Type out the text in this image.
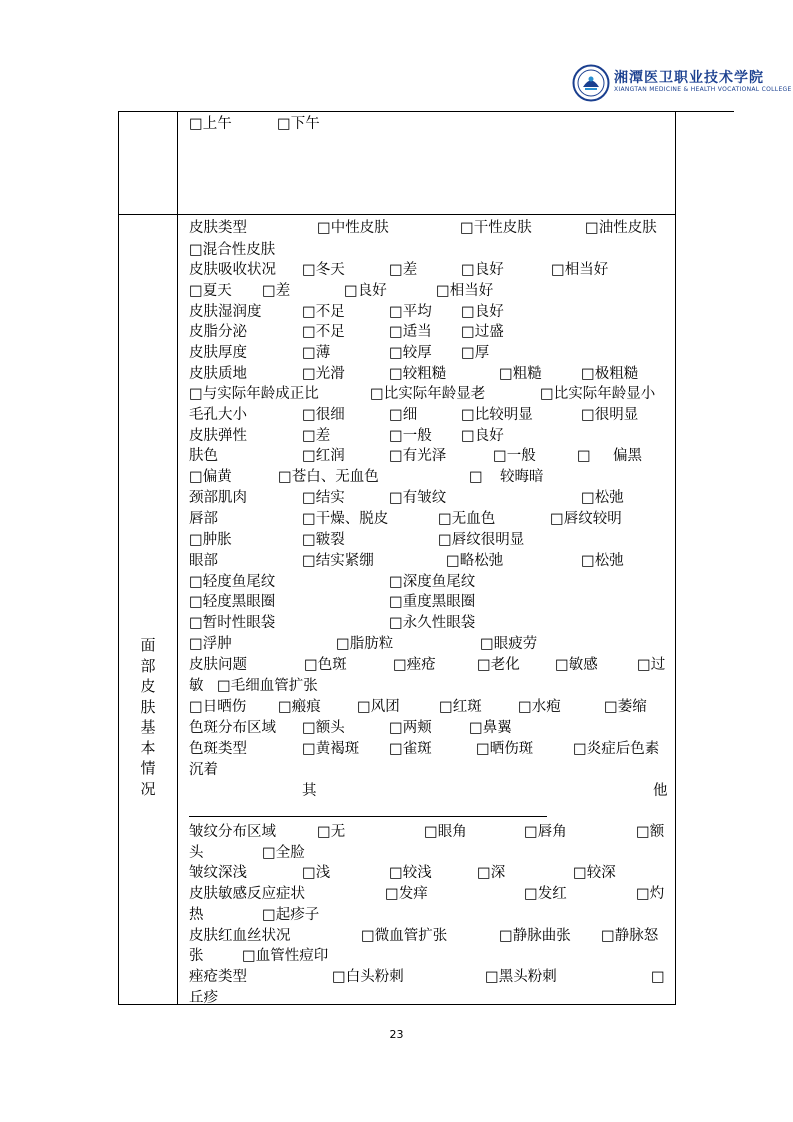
湘潭医卫职业技术学院
XIANGTAN MEDICINE & HEALTH VOCATIONAL COLLEGE
面
部
皮
肤
基
本
情
况
□上午	□下午
皮肤类型	□中性皮肤	□干性皮肤	□油性皮肤
□混合性皮肤
皮肤吸收状况 □冬天	□差	□良好	□相当好
□夏天 □差	□良好	□相当好
皮肤湿润度	□不足	□平均 □良好
皮脂分泌	□不足	□适当 □过盛
皮肤厚度	□薄	□较厚 □厚
皮肤质地	□光滑	□较粗糙	□粗糙	□极粗糙
□与实际年龄成正比	□比实际年龄显老	□比实际年龄显小
毛孔大小	□很细	□细	□比较明显	□很明显
皮肤弹性	□差	□一般 □良好
肤色	□红润	□有光泽	□一般	□ 偏黑
□偏黄	□苍白、无血色	□ 较晦暗
颈部肌肉	□结实	□有皱纹	□松弛
唇部	□干燥、脱皮	□无血色	□唇纹较明
□肿胀	□皲裂	□唇纹很明显
眼部	□结实紧绷	□略松弛	□松弛
□轻度鱼尾纹	□深度鱼尾纹
□轻度黑眼圈	□重度黑眼圈
□暂时性眼袋	□永久性眼袋
□浮肿	□脂肪粒	□眼疲劳
皮肤问题	□色斑	□痤疮	□老化 □敏感	□过
敏 □毛细血管扩张
□日晒伤 □瘢痕	□风团	□红斑	□水疱	□萎缩
色斑分布区域 □额头	□两颊	□鼻翼
色斑类型	□黄褐斑 □雀斑	□晒伤斑	□炎症后色素
沉着
其	他
皱纹分布区域	□无	□眼角	□唇角	□额
头	□全脸
皱纹深浅	□浅	□较浅	□深	□较深
皮肤敏感反应症状	□发痒	□发红	□灼
热	□起疹子
皮肤红血丝状况	□微血管扩张	□静脉曲张 □静脉怒
张	□血管性痘印
痤疮类型	□白头粉刺	□黑头粉刺	□
丘疹
23
